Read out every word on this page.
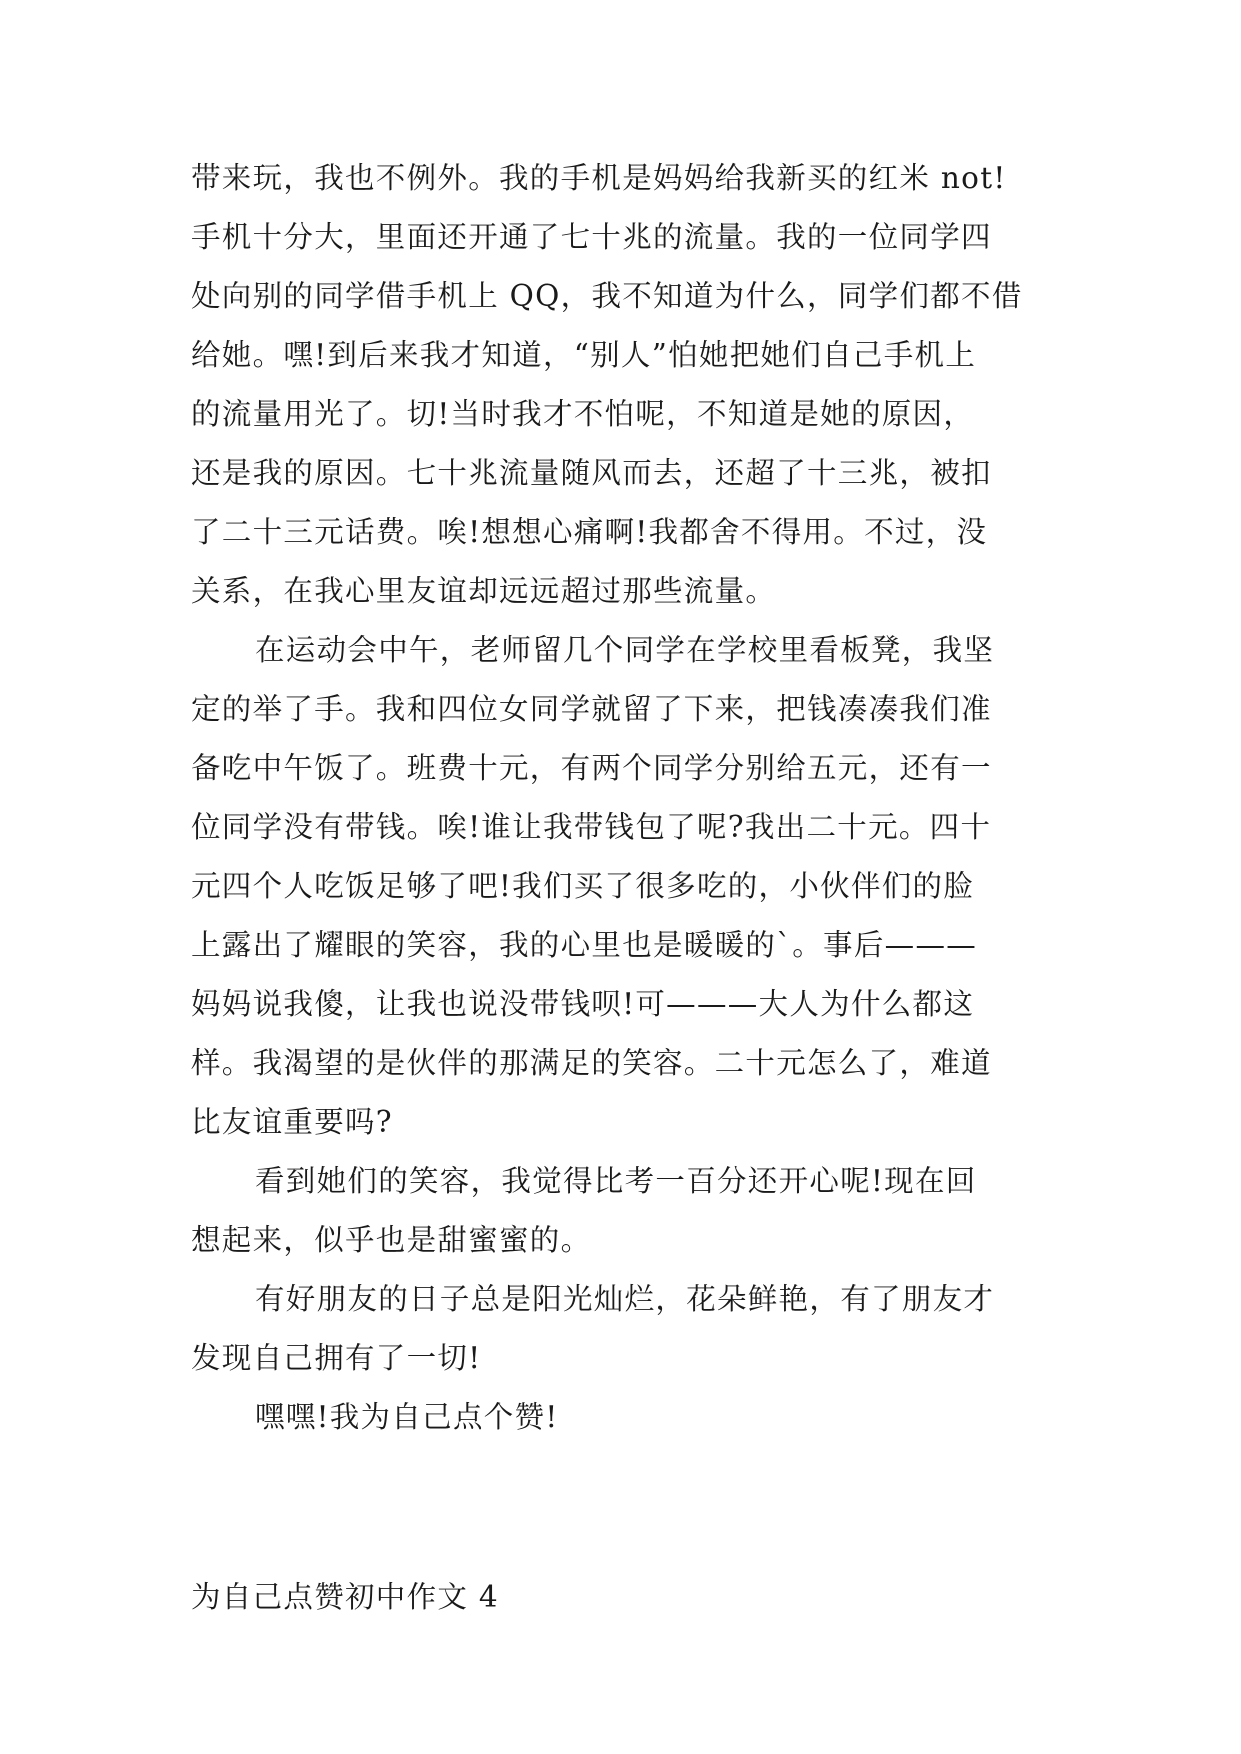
带来玩，我也不例外。我的手机是妈妈给我新买的红米 not!
手机十分大，里面还开通了七十兆的流量。我的一位同学四
处向别的同学借手机上 QQ，我不知道为什么，同学们都不借
给她。嘿!到后来我才知道，“别人”怕她把她们自己手机上
的流量用光了。切!当时我才不怕呢，不知道是她的原因，
还是我的原因。七十兆流量随风而去，还超了十三兆，被扣
了二十三元话费。唉!想想心痛啊!我都舍不得用。不过，没
关系，在我心里友谊却远远超过那些流量。
在运动会中午，老师留几个同学在学校里看板凳，我坚
定的举了手。我和四位女同学就留了下来，把钱凑凑我们准
备吃中午饭了。班费十元，有两个同学分别给五元，还有一
位同学没有带钱。唉!谁让我带钱包了呢?我出二十元。四十
元四个人吃饭足够了吧!我们买了很多吃的，小伙伴们的脸
上露出了耀眼的笑容，我的心里也是暖暖的`。事后———
妈妈说我傻，让我也说没带钱呗!可———大人为什么都这
样。我渴望的是伙伴的那满足的笑容。二十元怎么了，难道
比友谊重要吗?
看到她们的笑容，我觉得比考一百分还开心呢!现在回
想起来，似乎也是甜蜜蜜的。
有好朋友的日子总是阳光灿烂，花朵鲜艳，有了朋友才
发现自己拥有了一切!
嘿嘿!我为自己点个赞!
为自己点赞初中作文 4
